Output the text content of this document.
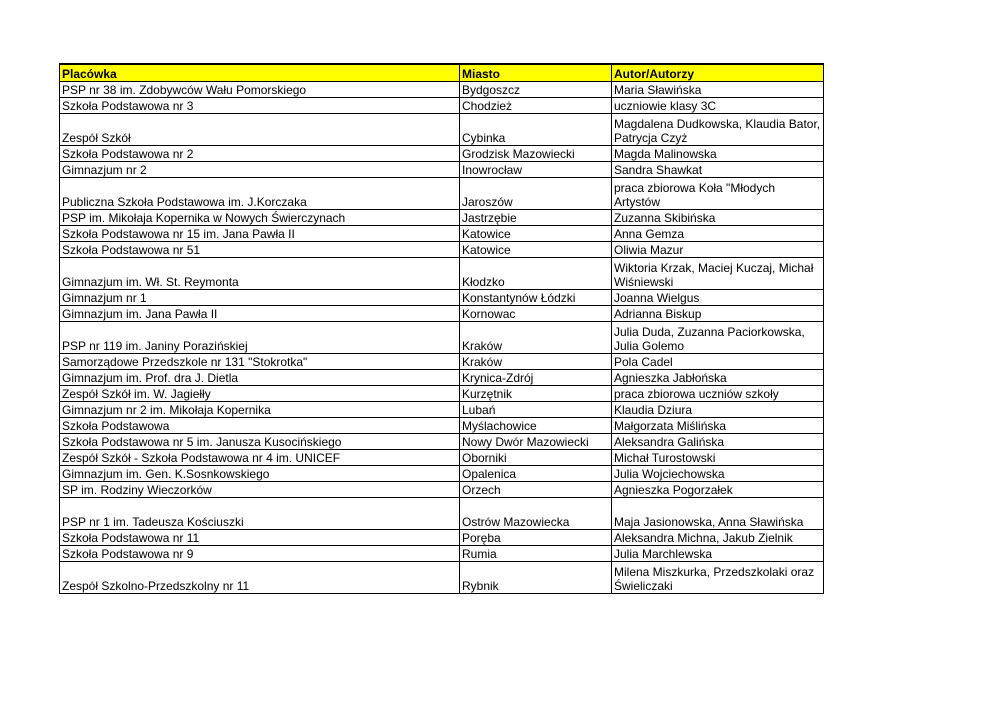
Placówka	Miasto	Autor/Autorzy
PSP nr 38 im. Zdobywców Wału Pomorskiego	Bydgoszcz	Maria Sławińska
Szkoła Podstawowa nr 3	Chodzież	uczniowie klasy 3C
Zespół Szkół	Cybinka	Magdalena Dudkowska, Klaudia Bator, Patrycja Czyż
Szkoła Podstawowa nr 2	Grodzisk Mazowiecki	Magda Malinowska
Gimnazjum nr 2	Inowrocław	Sandra Shawkat
Publiczna Szkoła Podstawowa im. J.Korczaka	Jaroszów	praca zbiorowa Koła "Młodych Artystów
PSP im. Mikołaja Kopernika w Nowych Świerczynach	Jastrzębie	Zuzanna Skibińska
Szkoła Podstawowa nr 15 im. Jana Pawła II	Katowice	Anna Gemza
Szkoła Podstawowa nr 51	Katowice	Oliwia Mazur
Gimnazjum im. Wł. St. Reymonta	Kłodzko	Wiktoria Krzak, Maciej Kuczaj, Michał Wiśniewski
Gimnazjum nr 1	Konstantynów Łódzki	Joanna Wielgus
Gimnazjum im. Jana Pawła II	Kornowac	Adrianna Biskup
PSP nr 119 im. Janiny Porazińskiej	Kraków	Julia Duda, Zuzanna Paciorkowska, Julia Golemo
Samorządowe Przedszkole nr 131 "Stokrotka"	Kraków	Pola Cadel
Gimnazjum im. Prof. dra J. Dietla	Krynica-Zdrój	Agnieszka Jabłońska
Zespół Szkół im. W. Jagiełły	Kurzętnik	praca zbiorowa uczniów szkoły
Gimnazjum nr 2 im. Mikołaja Kopernika	Lubań	Klaudia Dziura
Szkoła Podstawowa	Myślachowice	Małgorzata Miślińska
Szkoła Podstawowa nr 5 im. Janusza Kusocińskiego	Nowy Dwór Mazowiecki	Aleksandra Galińska
Zespół Szkół - Szkoła Podstawowa nr 4 im. UNICEF	Oborniki	Michał Turostowski
Gimnazjum im. Gen. K.Sosnkowskiego	Opalenica	Julia Wojciechowska
SP im. Rodziny Wieczorków	Orzech	Agnieszka Pogorzałek
PSP nr 1 im. Tadeusza Kościuszki	Ostrów Mazowiecka	Maja Jasionowska, Anna Sławińska
Szkoła Podstawowa nr 11	Poręba	Aleksandra Michna, Jakub Zielnik
Szkoła Podstawowa nr 9	Rumia	Julia Marchlewska
Zespół Szkolno-Przedszkolny nr 11	Rybnik	Milena Miszkurka, Przedszkolaki oraz Świeliczaki
